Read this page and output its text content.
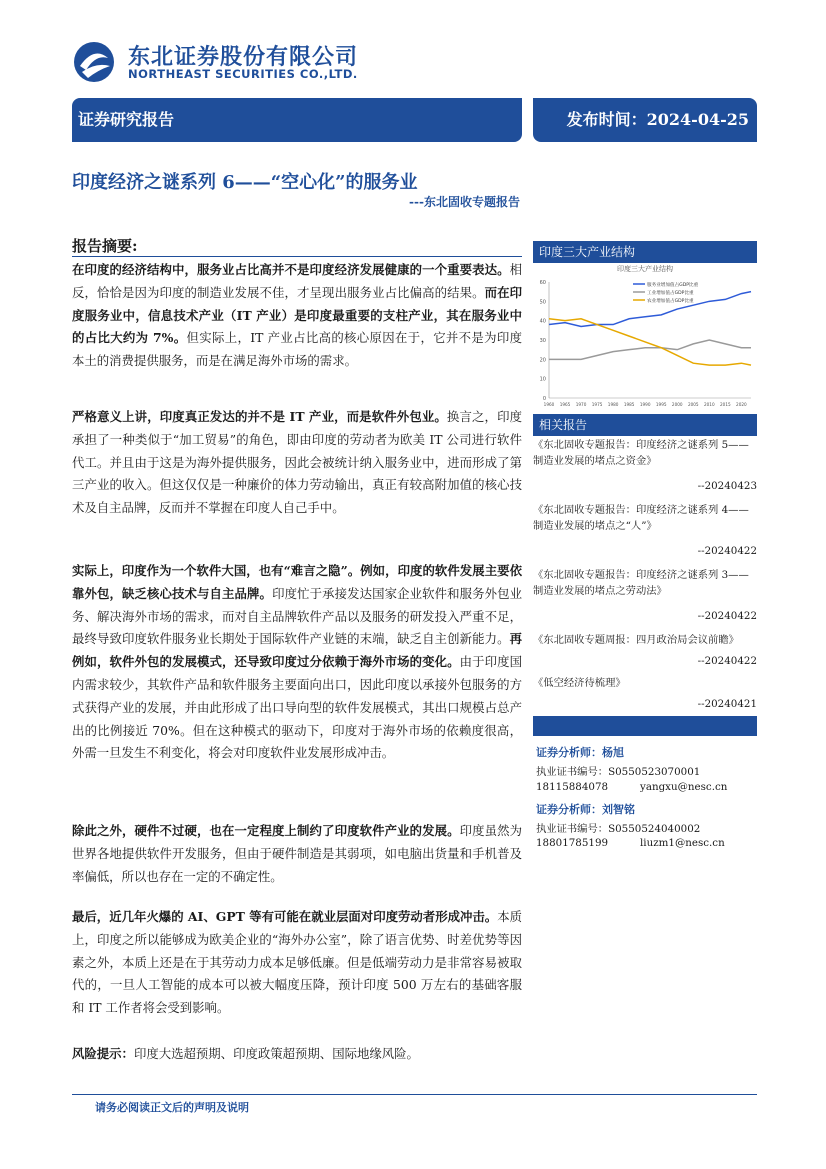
东北证券股份有限公司
NORTHEAST SECURITIES CO.,LTD.
证券研究报告	发布时间：2024-04-25
印度经济之谜系列 6——“空心化”的服务业
---东北固收专题报告
报告摘要:
在印度的经济结构中，服务业占比高并不是印度经济发展健康的一个重要表达。相反，恰恰是因为印度的制造业发展不佳，才呈现出服务业占比偏高的结果。而在印度服务业中，信息技术产业（IT 产业）是印度最重要的支柱产业，其在服务业中的占比大约为 7%。但实际上，IT 产业占比高的核心原因在于，它并不是为印度本土的消费提供服务，而是在满足海外市场的需求。
严格意义上讲，印度真正发达的并不是 IT 产业，而是软件外包业。换言之，印度承担了一种类似于“加工贸易”的角色，即由印度的劳动者为欧美 IT 公司进行软件代工。并且由于这是为海外提供服务，因此会被统计纳入服务业中，进而形成了第三产业的收入。但这仅仅是一种廉价的体力劳动输出，真正有较高附加值的核心技术及自主品牌，反而并不掌握在印度人自己手中。
实际上，印度作为一个软件大国，也有“难言之隐”。例如，印度的软件发展主要依靠外包，缺乏核心技术与自主品牌。印度忙于承接发达国家企业软件和服务外包业务、解决海外市场的需求，而对自主品牌软件产品以及服务的研发投入严重不足，最终导致印度软件服务业长期处于国际软件产业链的末端，缺乏自主创新能力。再例如，软件外包的发展模式，还导致印度过分依赖于海外市场的变化。由于印度国内需求较少，其软件产品和软件服务主要面向出口，因此印度以承接外包服务的方式获得产业的发展，并由此形成了出口导向型的软件发展模式，其出口规模占总产出的比例接近 70%。但在这种模式的驱动下，印度对于海外市场的依赖度很高，外需一旦发生不利变化，将会对印度软件业发展形成冲击。
除此之外，硬件不过硬，也在一定程度上制约了印度软件产业的发展。印度虽然为世界各地提供软件开发服务，但由于硬件制造是其弱项，如电脑出货量和手机普及率偏低，所以也存在一定的不确定性。
最后，近几年火爆的 AI、GPT 等有可能在就业层面对印度劳动者形成冲击。本质上，印度之所以能够成为欧美企业的“海外办公室”，除了语言优势、时差优势等因素之外，本质上还是在于其劳动力成本足够低廉。但是低端劳动力是非常容易被取代的，一旦人工智能的成本可以被大幅度压降，预计印度 500 万左右的基础客服和 IT 工作者将会受到影响。
风险提示：印度大选超预期、印度政策超预期、国际地缘风险。
印度三大产业结构
印度三大产业结构
服务业增加值占GDP比重
工业增加值占GDP比重
农业增加值占GDP比重
0
10
20
30
40
50
60
1960 1965 1970 1975 1980 1985 1990 1995 2000 2005 2010 2015 2020
相关报告
《东北固收专题报告：印度经济之谜系列 5——制造业发展的堵点之资金》
--20240423
《东北固收专题报告：印度经济之谜系列 4——制造业发展的堵点之“人”》
--20240422
《东北固收专题报告：印度经济之谜系列 3——制造业发展的堵点之劳动法》
--20240422
《东北固收专题周报：四月政治局会议前瞻》
--20240422
《低空经济待梳理》
--20240421
证券分析师：杨旭
执业证书编号：S0550523070001
18115884078	yangxu@nesc.cn
证券分析师：刘智铭
执业证书编号：S0550524040002
18801785199	liuzm1@nesc.cn
请务必阅读正文后的声明及说明
